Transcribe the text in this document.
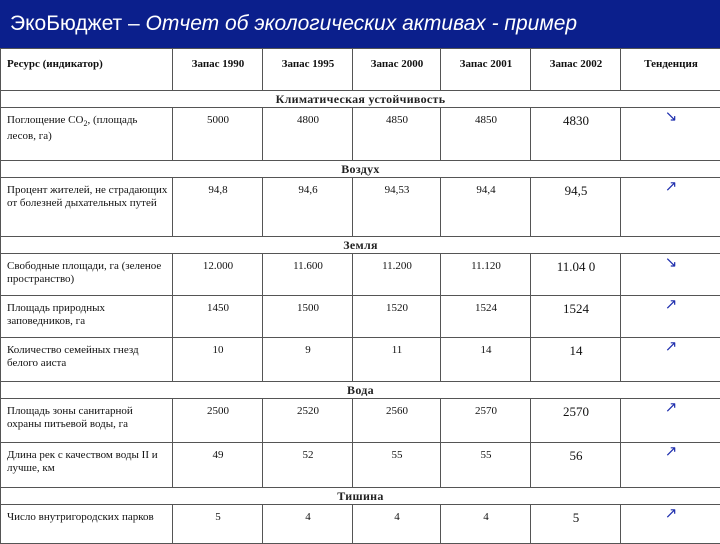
ЭкоБюджет – Отчет об экологических активах - пример
Ресурс (индикатор)	Запас 1990	Запас 1995	Запас 2000	Запас 2001	Запас 2002	Тенденция
Климатическая устойчивость						
Поглощение $CO_2$, (площадь лесов, га)	5000	4800	4850	4850	4830	↘
Воздух						
Процент жителей, не страдающих от болезней дыхательных путей	94,8	94,6	94,53	94,4	94,5	↗
Земля						
Свободные площади, га (зеленое пространство)	12.000	11.600	11.200	11.120	11.04 0	↘
Площадь природных заповедников, га	1450	1500	1520	1524	1524	↗
Количество семейных гнезд белого аиста	10	9	11	14	14	↗
Вода						
Площадь зоны санитарной охраны питьевой воды, га	2500	2520	2560	2570	2570	↗
Длина рек с качеством воды II и лучше, км	49	52	55	55	56	↗
Тишина						
Число внутригородских парков	5	4	4	4	5	↗
